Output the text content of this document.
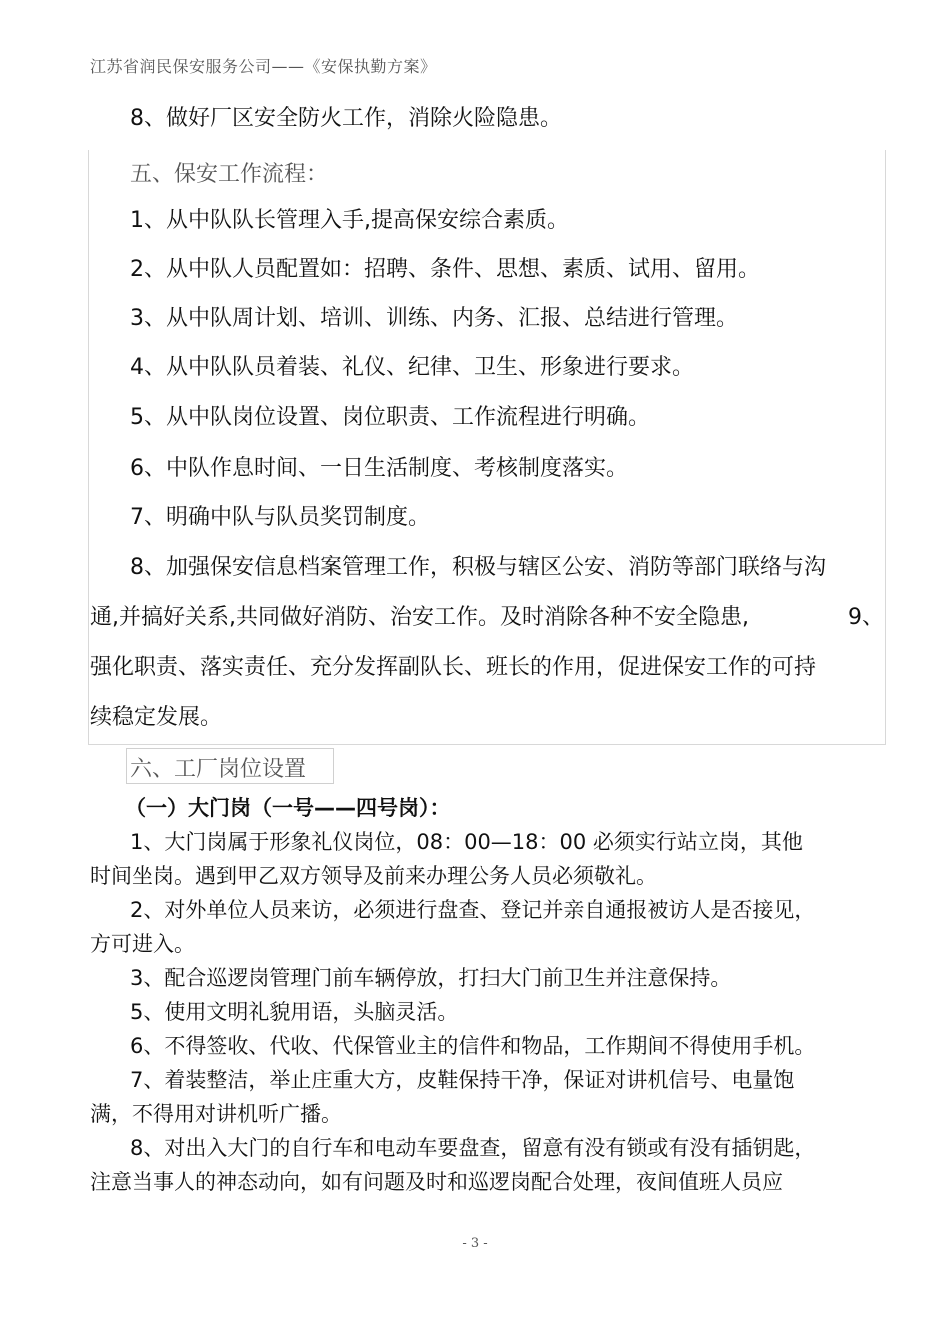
江苏省润民保安服务公司——《安保执勤方案》
8、做好厂区安全防火工作，消除火险隐患。
五、保安工作流程：
1、从中队队长管理入手,提高保安综合素质。
2、从中队人员配置如：招聘、条件、思想、素质、试用、留用。
3、从中队周计划、培训、训练、内务、汇报、总结进行管理。
4、从中队队员着装、礼仪、纪律、卫生、形象进行要求。
5、从中队岗位设置、岗位职责、工作流程进行明确。
6、中队作息时间、一日生活制度、考核制度落实。
7、明确中队与队员奖罚制度。
8、加强保安信息档案管理工作，积极与辖区公安、消防等部门联络与沟
通,并搞好关系,共同做好消防、治安工作。及时消除各种不安全隐患,	9、
强化职责、落实责任、充分发挥副队长、班长的作用，促进保安工作的可持
续稳定发展。
六、工厂岗位设置
（一）大门岗（一号——四号岗）：
1、大门岗属于形象礼仪岗位，08：00—18：00 必须实行站立岗，其他
时间坐岗。遇到甲乙双方领导及前来办理公务人员必须敬礼。
2、对外单位人员来访，必须进行盘查、登记并亲自通报被访人是否接见，
方可进入。
3、配合巡逻岗管理门前车辆停放，打扫大门前卫生并注意保持。
5、使用文明礼貌用语，头脑灵活。
6、不得签收、代收、代保管业主的信件和物品，工作期间不得使用手机。
7、着装整洁，举止庄重大方，皮鞋保持干净，保证对讲机信号、电量饱
满，不得用对讲机听广播。
8、对出入大门的自行车和电动车要盘查，留意有没有锁或有没有插钥匙，
注意当事人的神态动向，如有问题及时和巡逻岗配合处理，夜间值班人员应
- 3 -
